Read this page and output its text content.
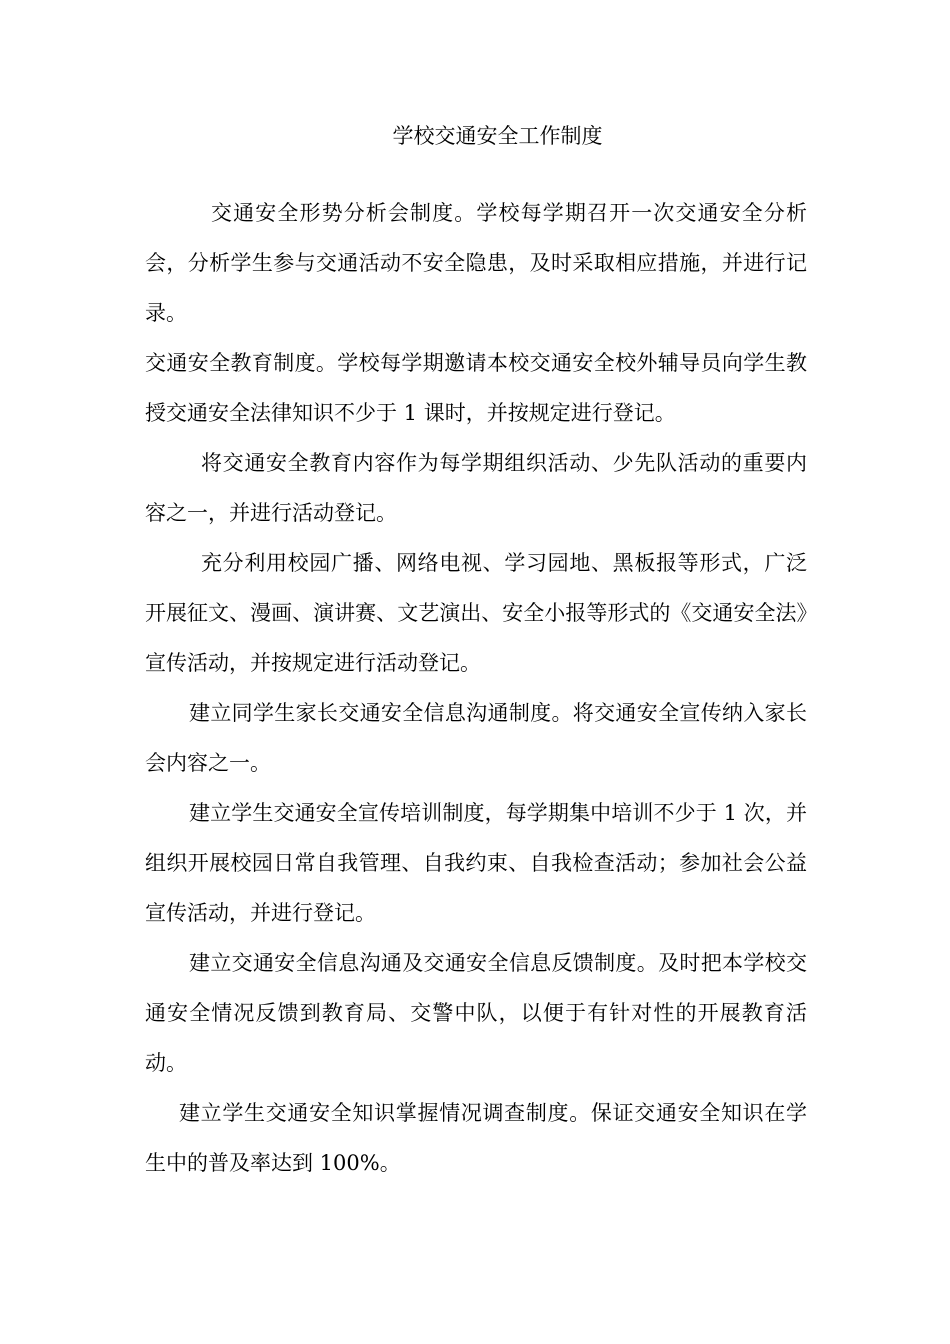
学校交通安全工作制度

交通安全形势分析会制度。学校每学期召开一次交通安全分析会，分析学生参与交通活动不安全隐患，及时采取相应措施，并进行记录。

交通安全教育制度。学校每学期邀请本校交通安全校外辅导员向学生教授交通安全法律知识不少于 1 课时，并按规定进行登记。

将交通安全教育内容作为每学期组织活动、少先队活动的重要内容之一，并进行活动登记。

充分利用校园广播、网络电视、学习园地、黑板报等形式，广泛开展征文、漫画、演讲赛、文艺演出、安全小报等形式的《交通安全法》宣传活动，并按规定进行活动登记。

建立同学生家长交通安全信息沟通制度。将交通安全宣传纳入家长会内容之一。

建立学生交通安全宣传培训制度，每学期集中培训不少于 1 次，并组织开展校园日常自我管理、自我约束、自我检查活动；参加社会公益宣传活动，并进行登记。

建立交通安全信息沟通及交通安全信息反馈制度。及时把本学校交通安全情况反馈到教育局、交警中队，以便于有针对性的开展教育活动。

建立学生交通安全知识掌握情况调查制度。保证交通安全知识在学生中的普及率达到 100%。
